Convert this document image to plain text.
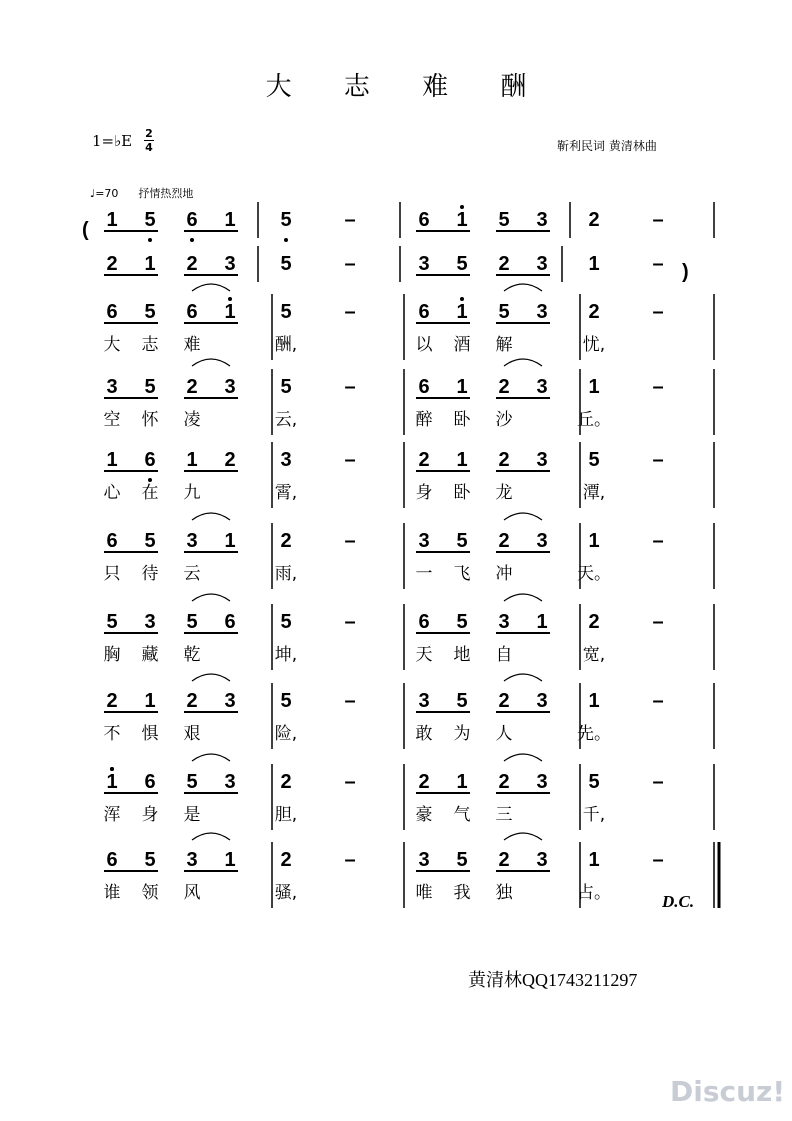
大 志 难 酬
1=♭E 2
4	靳利民词 黄清林曲
♩=70 抒情热烈地
1 5 6 1 5	–	6 1 5 3 2	–
2 1 2 3 5	–	3 5 2 3 1	–
6 5 6 1 5	–	6 1 5 3 2	–
大 志 难	酬,	以 酒 解	忧,
3 5 2 3 5	–	6 1 2 3 1	–
空 怀 凌	云,	醉 卧 沙	丘。
1 6 1 2 3	–	2 1 2 3 5	–
心 在 九	霄,	身 卧 龙	潭,
6 5 3 1 2	–	3 5 2 3 1	–
只 待 云	雨,	一 飞 冲	天。
5 3 5 6 5	–	6 5 3 1 2	–
胸 藏 乾	坤,	天 地 自	宽,
2 1 2 3 5	–	3 5 2 3 1	–
不 惧 艰	险,	敢 为 人	先。
1 6 5 3 2	–	2 1 2 3 5	–
浑 身 是	胆,	豪 气 三	千,
6 5 3 1 2	–	3 5 2 3 1	–
谁 领 风	骚,	唯 我 独	占。
(
)
D.C.
黄清林QQ1743211297
Discuz!
